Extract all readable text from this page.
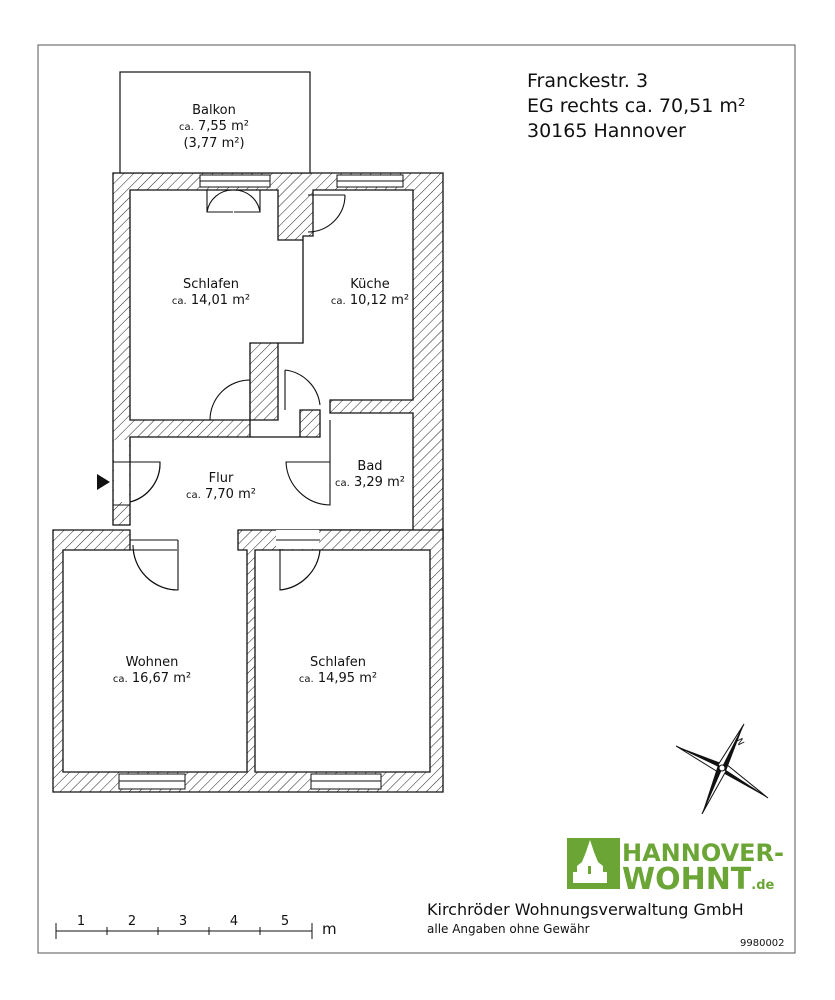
Balkon
ca. 7,55 m²
(3,77 m²)
Schlafen
ca. 14,01 m²
Küche
ca. 10,12 m²
Flur
ca. 7,70 m²
Bad
ca. 3,29 m²
Wohnen
ca. 16,67 m²
Schlafen
ca. 14,95 m²
Franckestr. 3
EG rechts ca. 70,51 m²
30165 Hannover
N
HANNOVER-
WOHNT.de
Kirchröder Wohnungsverwaltung GmbH
alle Angaben ohne Gewähr
9980002
1	2	3	4	5 m
